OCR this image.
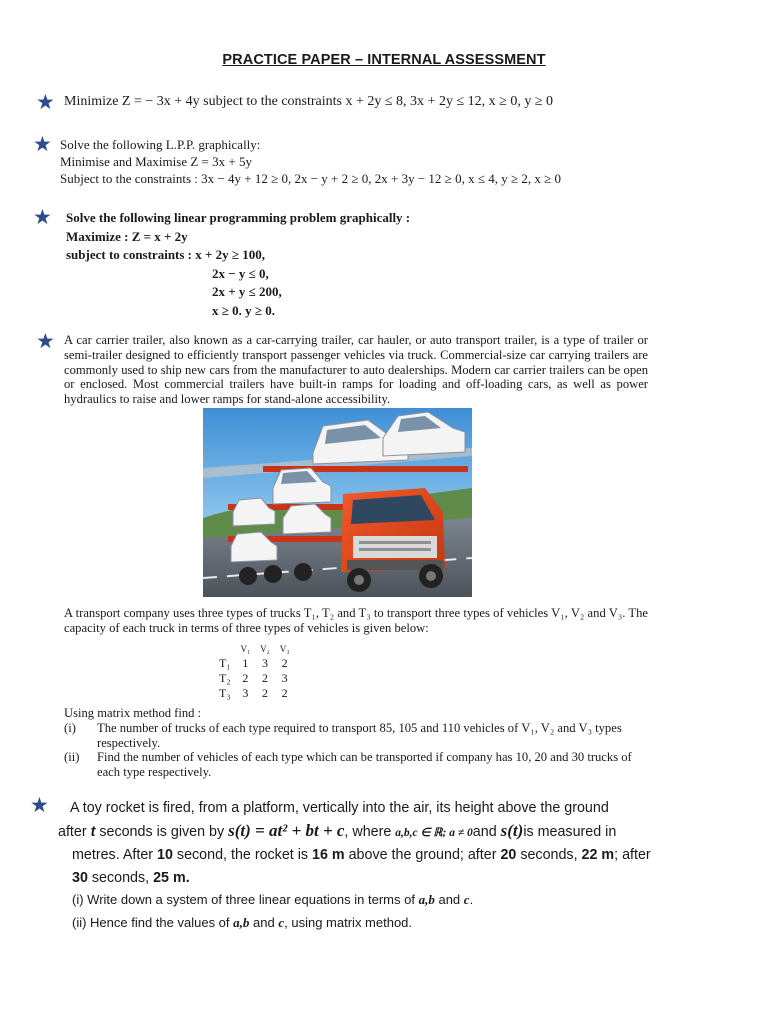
PRACTICE PAPER – INTERNAL ASSESSMENT
★ Minimize Z = − 3x + 4y subject to the constraints x + 2y ≤ 8, 3x + 2y ≤ 12, x ≥ 0, y ≥ 0
★ Solve the following L.P.P. graphically:
Minimise and Maximise Z = 3x + 5y
Subject to the constraints : 3x − 4y + 12 ≥ 0, 2x − y + 2 ≥ 0, 2x + 3y − 12 ≥ 0, x ≤ 4, y ≥ 2, x ≥ 0
★ Solve the following linear programming problem graphically :
Maximize : Z = x + 2y
subject to constraints : x + 2y ≥ 100,
2x − y ≤ 0,
2x + y ≤ 200,
x ≥ 0. y ≥ 0.
★ A car carrier trailer, also known as a car-carrying trailer, car hauler, or auto transport trailer, is a type of trailer or semi-trailer designed to efficiently transport passenger vehicles via truck. Commercial-size car carrying trailers are commonly used to ship new cars from the manufacturer to auto dealerships. Modern car carrier trailers can be open or enclosed. Most commercial trailers have built-in ramps for loading and off-loading cars, as well as power hydraulics to raise and lower ramps for stand-alone accessibility.
A transport company uses three types of trucks T₁, T₂ and T₃ to transport three types of vehicles V₁, V₂ and V₃. The capacity of each truck in terms of three types of vehicles is given below:
	V₁	V₂	V₃
T₁	1	3	2
T₂	2	2	3
T₃	3	2	2
Using matrix method find :
(i)	The number of trucks of each type required to transport 85, 105 and 110 vehicles of V₁, V₂ and V₃ types respectively.
(ii)	Find the number of vehicles of each type which can be transported if company has 10, 20 and 30 trucks of each type respectively.
★	A toy rocket is fired, from a platform, vertically into the air, its height above the ground
after t seconds is given by s(t) = at² + bt + c, where a,b,c ∈ ℝ; a ≠ 0and s(t)is measured in
metres. After 10 second, the rocket is 16 m above the ground; after 20 seconds, 22 m; after
30 seconds, 25 m.
(i) Write down a system of three linear equations in terms of a,b and c.
(ii) Hence find the values of a,b and c, using matrix method.
